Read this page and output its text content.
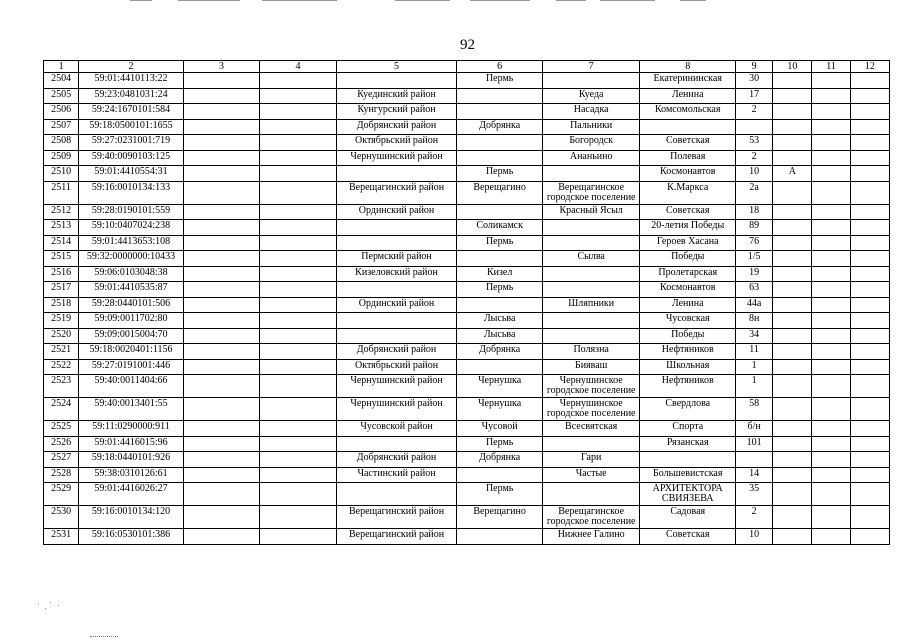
92
1	2	3	4	5	6	7	8	9	10	11	12
2504	59:01:4410113:22				Пермь		Екатерининская	30			
2505	59:23:0481031:24			Куединский район		Куеда	Ленина	17			
2506	59:24:1670101:584			Кунгурский район		Насадка	Комсомольская	2			
2507	59:18:0500101:1655			Добрянский район	Добрянка	Пальники					
2508	59:27:0231001:719			Октябрьский район		Богородск	Советская	53			
2509	59:40:0090103:125			Чернушинский район		Ананьино	Полевая	2			
2510	59:01:4410554:31				Пермь		Космонавтов	10	А		
2511	59:16:0010134:133			Верещагинский район	Верещагино	Верещагинское
городское поселение	К.Маркса	2а			
2512	59:28:0190101:559			Ординский район		Красный Ясыл	Советская	18			
2513	59:10:0407024:238				Соликамск		20-летия Победы	89			
2514	59:01:4413653:108				Пермь		Героев Хасана	76			
2515	59:32:0000000:10433			Пермский район		Сылва	Победы	1/5			
2516	59:06:0103048:38			Кизеловский район	Кизел		Пролетарская	19			
2517	59:01:4410535:87				Пермь		Космонавтов	63			
2518	59:28:0440101:506			Ординский район		Шляпники	Ленина	44а			
2519	59:09:0011702:80				Лысьва		Чусовская	8н			
2520	59:09:0015004:70				Лысьва		Победы	34			
2521	59:18:0020401:1156			Добрянский район	Добрянка	Полязна	Нефтяников	11			
2522	59:27:0191001:446			Октябрьский район		Бияваш	Школьная	1			
2523	59:40:0011404:66			Чернушинский район	Чернушка	Чернушинское
городское поселение	Нефтяников	1			
2524	59:40:0013401:55			Чернушинский район	Чернушка	Чернушинское
городское поселение	Свердлова	58			
2525	59:11:0290000:911			Чусовской район	Чусовой	Всесвятская	Спорта	б/н			
2526	59:01:4416015:96				Пермь		Рязанская	101			
2527	59:18:0440101:926			Добрянский район	Добрянка	Гари					
2528	59:38:0310126:61			Частинский район		Частые	Большевистская	14			
2529	59:01:4416026:27				Пермь		АРХИТЕКТОРА
СВИЯЗЕВА	35			
2530	59:16:0010134:120			Верещагинский район	Верещагино	Верещагинское
городское поселение	Садовая	2			
2531	59:16:0530101:386			Верещагинский район		Нижнее Галино	Советская	10			
